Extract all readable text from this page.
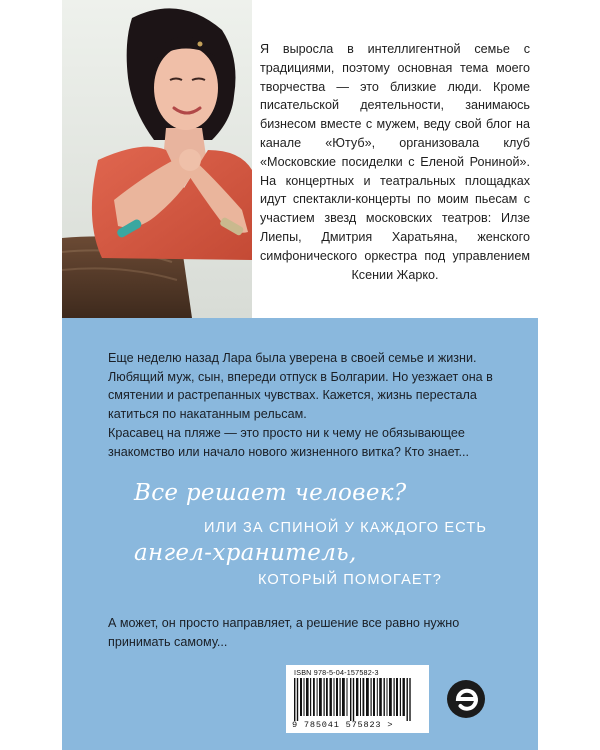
Я выросла в интеллигентной семье с традициями, поэтому основная тема моего творчества — это близкие люди. Кроме писательской деятельности, занимаюсь бизнесом вместе с мужем, веду свой блог на канале «Ютуб», организовала клуб «Московские посиделки с Еленой Рониной». На концертных и театральных площадках идут спектакли-концерты по моим пьесам с участием звезд московских театров: Илзе Лиепы, Дмитрия Харатьяна, женского симфонического оркестра под управлением Ксении Жарко.

Еще неделю назад Лара была уверена в своей семье и жизни. Любящий муж, сын, впереди отпуск в Болгарии. Но уезжает она в смятении и растрепанных чувствах. Кажется, жизнь перестала катиться по накатанным рельсам.

Красавец на пляже — это просто ни к чему не обязывающее знакомство или начало нового жизненного витка? Кто знает...

Все решает человек?
ИЛИ ЗА СПИНОЙ У КАЖДОГО ЕСТЬ
ангел-хранитель,
КОТОРЫЙ ПОМОГАЕТ?

А может, он просто направляет, а решение все равно нужно принимать самому...

ISBN 978-5-04-157582-3
9 785041 575823 >
